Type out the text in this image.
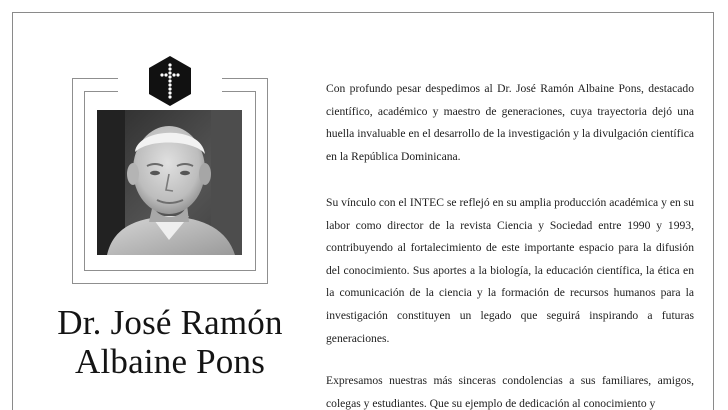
Dr. José Ramón
Albaine Pons
Con profundo pesar despedimos al Dr. José Ramón Albaine Pons, destacado científico, académico y maestro de generaciones, cuya trayectoria dejó una huella invaluable en el desarrollo de la investigación y la divulgación científica en la República Dominicana.
Su vínculo con el INTEC se reflejó en su amplia producción académica y en su labor como director de la revista Ciencia y Sociedad entre 1990 y 1993, contribuyendo al fortalecimiento de este importante espacio para la difusión del conocimiento. Sus aportes a la biología, la educación científica, la ética en la comunicación de la ciencia y la formación de recursos humanos para la investigación constituyen un legado que seguirá inspirando a futuras generaciones.
Expresamos nuestras más sinceras condolencias a sus familiares, amigos, colegas y estudiantes. Que su ejemplo de dedicación al conocimiento y
